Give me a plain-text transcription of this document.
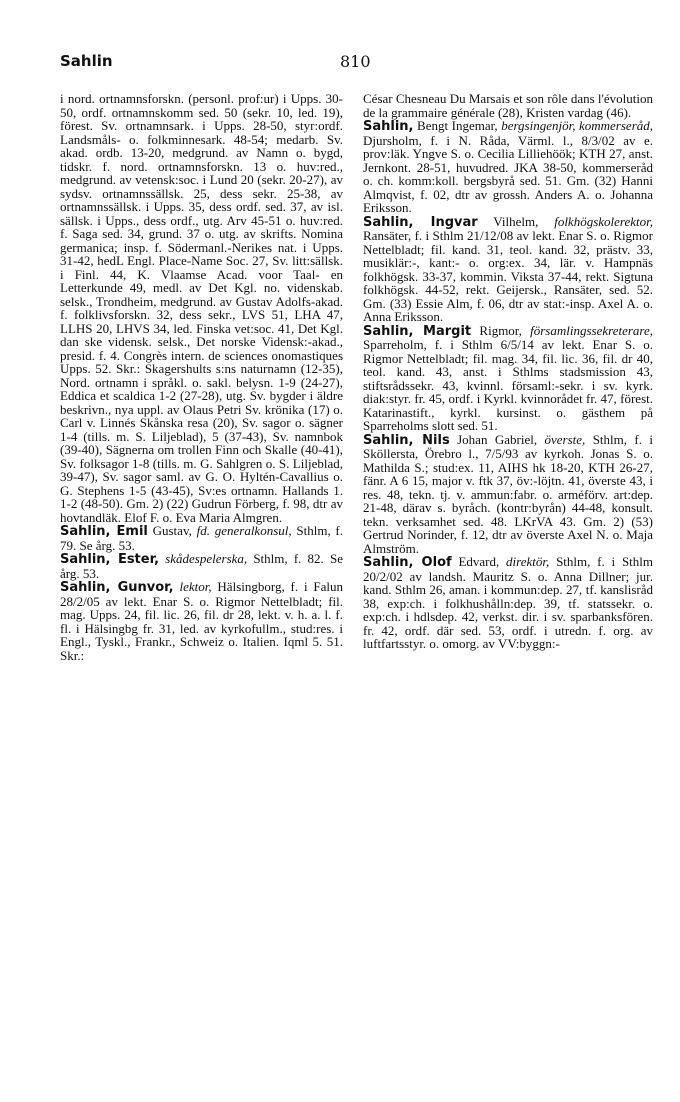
Sahlin	810

i nord. ortnamnsforskn. (personl. prof:ur) i Upps. 30-50, ordf. ortnamnskomm sed. 50 (sekr. 10, led. 19), förest. Sv. ortnamnsark. i Upps. 28-50, styr:ordf. Landsmåls- o. folkminnesark. 48-54; medarb. Sv. akad. ordb. 13-20, medgrund. av Namn o. bygd, tidskr. f. nord. ortnamnsforskn. 13 o. huv:red., medgrund. av vetensk:soc. i Lund 20 (sekr. 20-27), av sydsv. ortnamnssällsk. 25, dess sekr. 25-38, av ortnamnssällsk. i Upps. 35, dess ordf. sed. 37, av isl. sällsk. i Upps., dess ordf., utg. Arv 45-51 o. huv:red. f. Saga sed. 34, grund. 37 o. utg. av skrifts. Nomina germanica; insp. f. Södermanl.-Nerikes nat. i Upps. 31-42, hedL Engl. Place-Name Soc. 27, Sv. litt:sällsk. i Finl. 44, K. Vlaamse Acad. voor Taal- en Letterkunde 49, medl. av Det Kgl. no. videnskab. selsk., Trondheim, medgrund. av Gustav Adolfs-akad. f. folklivsforskn. 32, dess sekr., LVS 51, LHA 47, LLHS 20, LHVS 34, led. Finska vet:soc. 41, Det Kgl. dan ske vidensk. selsk., Det norske Vidensk:-akad., presid. f. 4. Congrès intern. de sciences onomastiques Upps. 52. Skr.: Skagershults s:ns naturnamn (12-35), Nord. ortnamn i språkl. o. sakl. belysn. 1-9 (24-27), Eddica et scaldica 1-2 (27-28), utg. Sv. bygder i äldre beskrivn., nya uppl. av Olaus Petri Sv. krönika (17) o. Carl v. Linnés Skånska resa (20), Sv. sagor o. sägner 1-4 (tills. m. S. Liljeblad), 5 (37-43), Sv. namnbok (39-40), Sägnerna om trollen Finn och Skalle (40-41), Sv. folksagor 1-8 (tills. m. G. Sahlgren o. S. Liljeblad, 39-47), Sv. sagor saml. av G. O. Hyltén-Cavallius o. G. Stephens 1-5 (43-45), Sv:es ortnamn. Hallands 1. 1-2 (48-50). Gm. 2) (22) Gudrun Förberg, f. 98, dtr av hovtandläk. Elof F. o. Eva Maria Almgren.

Sahlin, Emil Gustav, fd. generalkonsul, Sthlm, f. 79. Se årg. 53.

Sahlin, Ester, skådespelerska, Sthlm, f. 82. Se årg. 53.

Sahlin, Gunvor, lektor, Hälsingborg, f. i Falun 28/2/05 av lekt. Enar S. o. Rigmor Nettelbladt; fil. mag. Upps. 24, fil. lic. 26, fil. dr 28, lekt. v. h. a. l. f. fl. i Hälsingbg fr. 31, led. av kyrkofullm., stud:res. i Engl., Tyskl., Frankr., Schweiz o. Italien. Iqml 5. 51. Skr.:

César Chesneau Du Marsais et son rôle dans l'évolution de la grammaire générale (28), Kristen vardag (46).

Sahlin, Bengt Ingemar, bergsingenjör, kommerseråd, Djursholm, f. i N. Råda, Värml. l., 8/3/02 av e. prov:läk. Yngve S. o. Cecilia Lilliehöök; KTH 27, anst. Jernkont. 28-51, huvudred. JKA 38-50, kommerseråd o. ch. komm:koll. bergsbyrå sed. 51. Gm. (32) Hanni Almqvist, f. 02, dtr av grossh. Anders A. o. Johanna Eriksson.

Sahlin, Ingvar Vilhelm, folkhögskolerektor, Ransäter, f. i Sthlm 21/12/08 av lekt. Enar S. o. Rigmor Nettelbladt; fil. kand. 31, teol. kand. 32, prästv. 33, musiklär:-, kant:- o. org:ex. 34, lär. v. Hampnäs folkhögsk. 33-37, kommin. Viksta 37-44, rekt. Sigtuna folkhögsk. 44-52, rekt. Geijersk., Ransäter, sed. 52. Gm. (33) Essie Alm, f. 06, dtr av stat:-insp. Axel A. o. Anna Eriksson.

Sahlin, Margit Rigmor, församlingssekreterare, Sparreholm, f. i Sthlm 6/5/14 av lekt. Enar S. o. Rigmor Nettelbladt; fil. mag. 34, fil. lic. 36, fil. dr 40, teol. kand. 43, anst. i Sthlms stadsmission 43, stiftsrådssekr. 43, kvinnl. församl:-sekr. i sv. kyrk. diak:styr. fr. 45, ordf. i Kyrkl. kvinnorådet fr. 47, förest. Katarinastift., kyrkl. kursinst. o. gästhem på Sparreholms slott sed. 51.

Sahlin, Nils Johan Gabriel, överste, Sthlm, f. i Sköllersta, Örebro l., 7/5/93 av kyrkoh. Jonas S. o. Mathilda S.; stud:ex. 11, AIHS hk 18-20, KTH 26-27, fänr. A 6 15, major v. ftk 37, öv:-löjtn. 41, överste 43, i res. 48, tekn. tj. v. ammun:fabr. o. arméförv. art:dep. 21-48, därav s. byråch. (kontr:byrån) 44-48, konsult. tekn. verksamhet sed. 48. LKrVA 43. Gm. 2) (53) Gertrud Norinder, f. 12, dtr av överste Axel N. o. Maja Almström.

Sahlin, Olof Edvard, direktör, Sthlm, f. i Sthlm 20/2/02 av landsh. Mauritz S. o. Anna Dillner; jur. kand. Sthlm 26, aman. i kommun:dep. 27, tf. kanslisråd 38, exp:ch. i folkhushålln:dep. 39, tf. statssekr. o. exp:ch. i hdlsdep. 42, verkst. dir. i sv. sparbanksfören. fr. 42, ordf. där sed. 53, ordf. i utredn. f. org. av luftfartsstyr. o. omorg. av VV:byggn:-
